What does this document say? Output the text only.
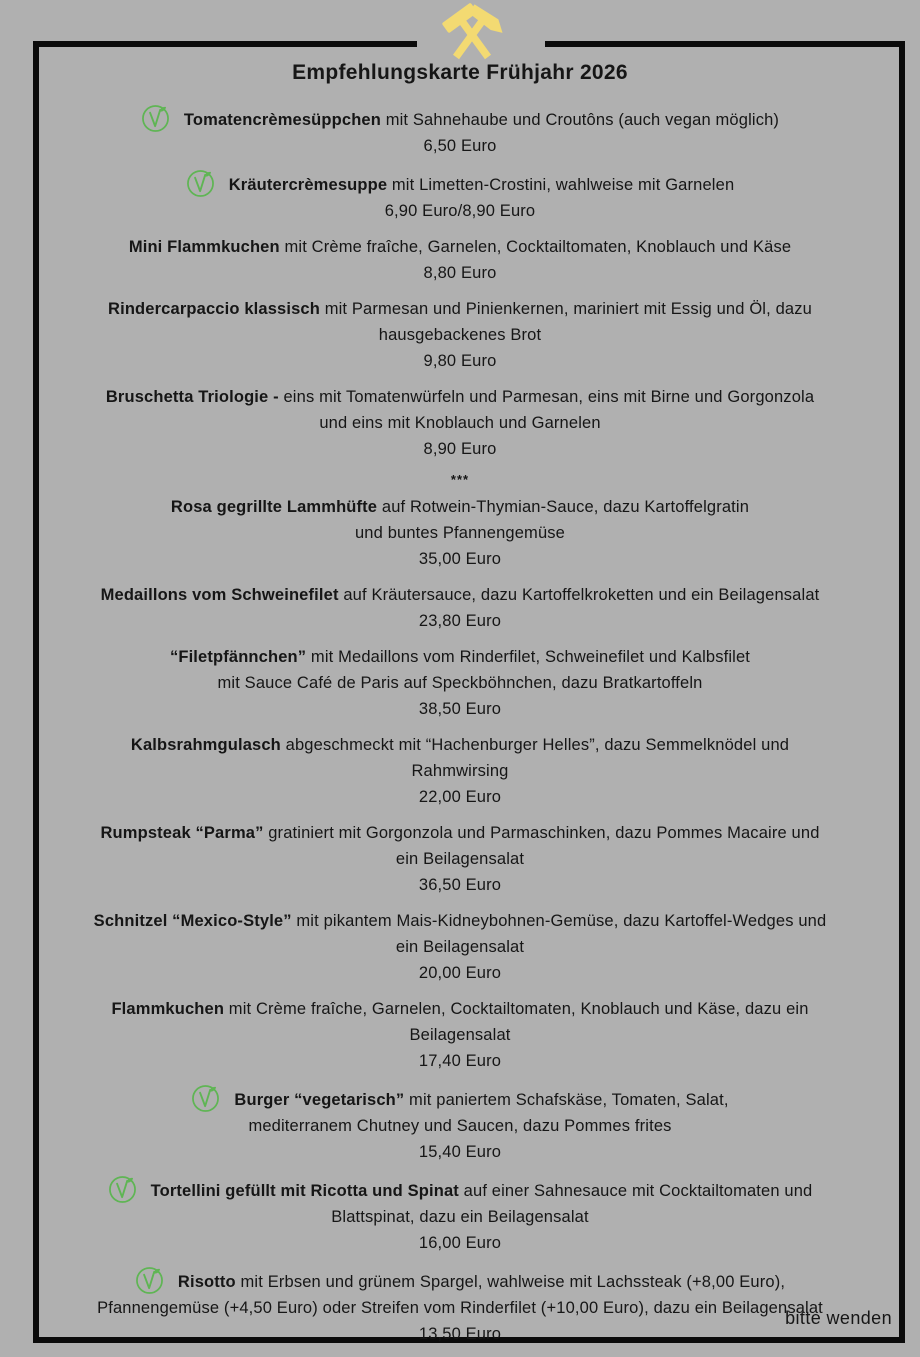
Empfehlungskarte Frühjahr 2026
Tomatencrèmesüppchen mit Sahnehaube und Croutôns (auch vegan möglich)
6,50 Euro
Kräutercrèmesuppe mit Limetten-Crostini, wahlweise mit Garnelen
6,90 Euro/8,90 Euro
Mini Flammkuchen mit Crème fraîche, Garnelen, Cocktailtomaten, Knoblauch und Käse
8,80 Euro
Rindercarpaccio klassisch mit Parmesan und Pinienkernen, mariniert mit Essig und Öl, dazu
hausgebackenes Brot
9,80 Euro
Bruschetta Triologie - eins mit Tomatenwürfeln und Parmesan, eins mit Birne und Gorgonzola
und eins mit Knoblauch und Garnelen
8,90 Euro
***
Rosa gegrillte Lammhüfte auf Rotwein-Thymian-Sauce, dazu Kartoffelgratin
und buntes Pfannengemüse
35,00 Euro
Medaillons vom Schweinefilet auf Kräutersauce, dazu Kartoffelkroketten und ein Beilagensalat
23,80 Euro
“Filetpfännchen” mit Medaillons vom Rinderfilet, Schweinefilet und Kalbsfilet
mit Sauce Café de Paris auf Speckböhnchen, dazu Bratkartoffeln
38,50 Euro
Kalbsrahmgulasch abgeschmeckt mit “Hachenburger Helles”, dazu Semmelknödel und
Rahmwirsing
22,00 Euro
Rumpsteak “Parma” gratiniert mit Gorgonzola und Parmaschinken, dazu Pommes Macaire und
ein Beilagensalat
36,50 Euro
Schnitzel “Mexico-Style” mit pikantem Mais-Kidneybohnen-Gemüse, dazu Kartoffel-Wedges und
ein Beilagensalat
20,00 Euro
Flammkuchen mit Crème fraîche, Garnelen, Cocktailtomaten, Knoblauch und Käse, dazu ein
Beilagensalat
17,40 Euro
Burger “vegetarisch” mit paniertem Schafskäse, Tomaten, Salat,
mediterranem Chutney und Saucen, dazu Pommes frites
15,40 Euro
Tortellini gefüllt mit Ricotta und Spinat auf einer Sahnesauce mit Cocktailtomaten und
Blattspinat, dazu ein Beilagensalat
16,00 Euro
Risotto mit Erbsen und grünem Spargel, wahlweise mit Lachssteak (+8,00 Euro),
Pfannengemüse (+4,50 Euro) oder Streifen vom Rinderfilet (+10,00 Euro), dazu ein Beilagensalat
13,50 Euro
bitte wenden
